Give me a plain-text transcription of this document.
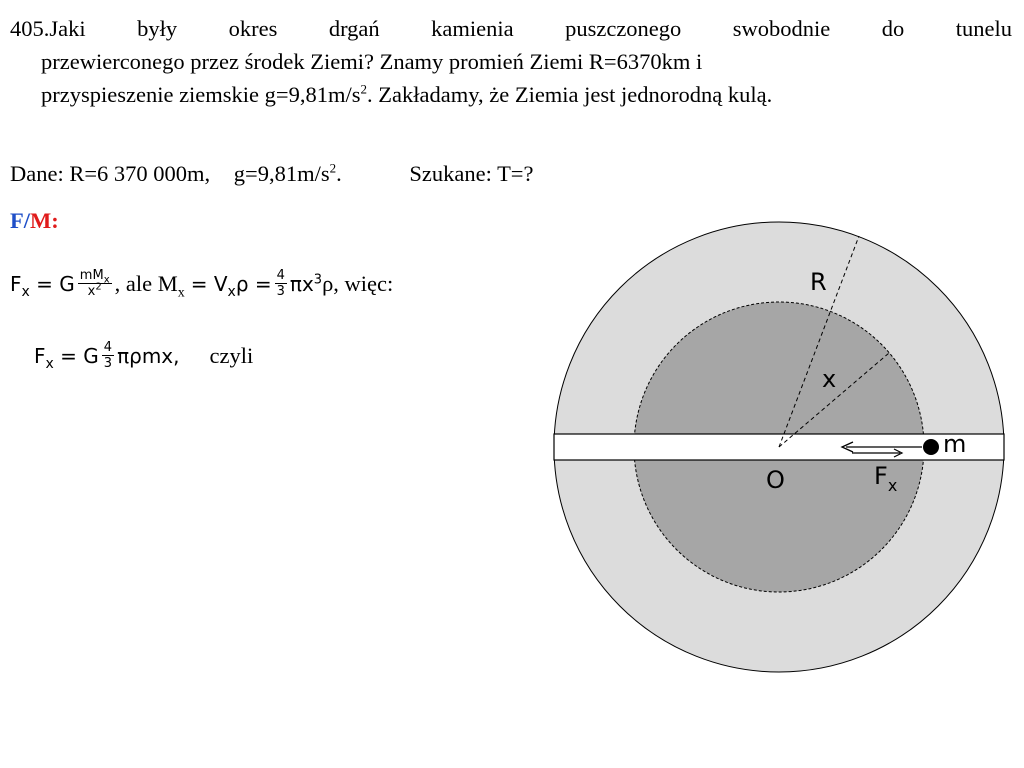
405.Jaki były okres drgań kamienia puszczonego swobodnie do tunelu
przewierconego przez środek Ziemi? Znamy promień Ziemi R=6370km i
przyspieszenie ziemskie $g=9,81m/s^2$. Zakładamy, że Ziemia jest jednorodną kulą.
Dane: R=6 370 000m, $g=9,81m/s^2$.	Szukane: T=?
F/M:
$F_x = G \frac{mM_x}{x^2}$ , ale $M_x = V_x\rho = \frac{4}{3} \pi x^3$ ρ, więc:
$F_x = G \frac{4}{3} \pi\rho mx$, czyli
R
x
O
m
$F_x$
